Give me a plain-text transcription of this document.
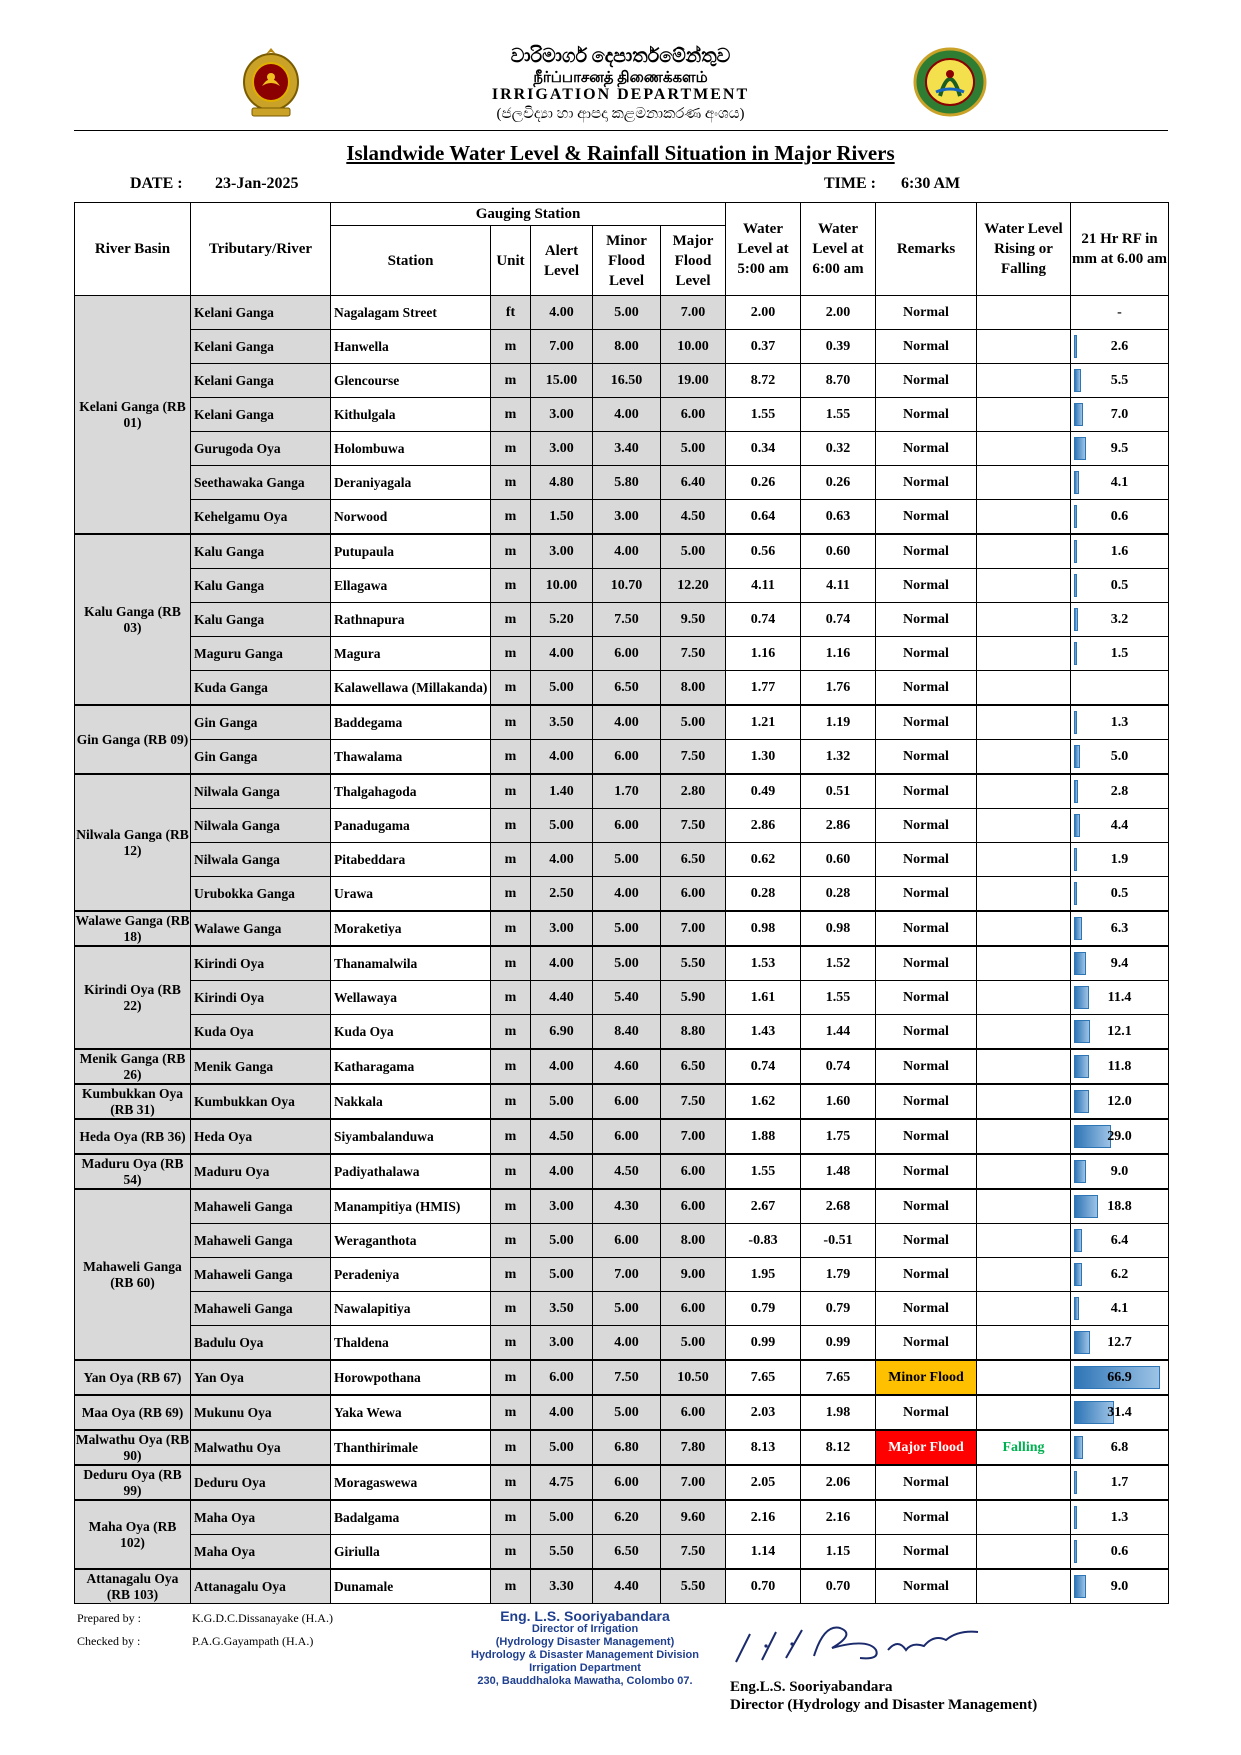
වාරිමාර්ග දෙපාර්තමේන්තුව
நீர்ப்பாசனத் திணைக்களம்
IRRIGATION DEPARTMENT
(ජලවිද්‍යා හා ආපදා කළමනාකරණ අංශය)
Islandwide Water Level & Rainfall Situation in Major Rivers
DATE : 23-Jan-2025	TIME : 6:30 AM
River Basin	Tributary/River	Gauging Station					Water Level at 5:00 am	Water Level at 6:00 am	Remarks	Water Level Rising or Falling	21 Hr RF in mm at 6.00 am
		Station	Unit	Alert Level	Minor Flood Level	Major Flood Level					
Kelani Ganga (RB 01)	Kelani Ganga	Nagalagam Street	ft	4.00	5.00	7.00	2.00	2.00	Normal		-
	Kelani Ganga	Hanwella	m	7.00	8.00	10.00	0.37	0.39	Normal		2.6
	Kelani Ganga	Glencourse	m	15.00	16.50	19.00	8.72	8.70	Normal		5.5
	Kelani Ganga	Kithulgala	m	3.00	4.00	6.00	1.55	1.55	Normal		7.0
	Gurugoda Oya	Holombuwa	m	3.00	3.40	5.00	0.34	0.32	Normal		9.5
	Seethawaka Ganga	Deraniyagala	m	4.80	5.80	6.40	0.26	0.26	Normal		4.1
	Kehelgamu Oya	Norwood	m	1.50	3.00	4.50	0.64	0.63	Normal		0.6
Kalu Ganga (RB 03)	Kalu Ganga	Putupaula	m	3.00	4.00	5.00	0.56	0.60	Normal		1.6
	Kalu Ganga	Ellagawa	m	10.00	10.70	12.20	4.11	4.11	Normal		0.5
	Kalu Ganga	Rathnapura	m	5.20	7.50	9.50	0.74	0.74	Normal		3.2
	Maguru Ganga	Magura	m	4.00	6.00	7.50	1.16	1.16	Normal		1.5
	Kuda Ganga	Kalawellawa (Millakanda)	m	5.00	6.50	8.00	1.77	1.76	Normal		
Gin Ganga (RB 09)	Gin Ganga	Baddegama	m	3.50	4.00	5.00	1.21	1.19	Normal		1.3
	Gin Ganga	Thawalama	m	4.00	6.00	7.50	1.30	1.32	Normal		5.0
Nilwala Ganga (RB 12)	Nilwala Ganga	Thalgahagoda	m	1.40	1.70	2.80	0.49	0.51	Normal		2.8
	Nilwala Ganga	Panadugama	m	5.00	6.00	7.50	2.86	2.86	Normal		4.4
	Nilwala Ganga	Pitabeddara	m	4.00	5.00	6.50	0.62	0.60	Normal		1.9
	Urubokka Ganga	Urawa	m	2.50	4.00	6.00	0.28	0.28	Normal		0.5
Walawe Ganga (RB 18)	Walawe Ganga	Moraketiya	m	3.00	5.00	7.00	0.98	0.98	Normal		6.3
Kirindi Oya (RB 22)	Kirindi Oya	Thanamalwila	m	4.00	5.00	5.50	1.53	1.52	Normal		9.4
	Kirindi Oya	Wellawaya	m	4.40	5.40	5.90	1.61	1.55	Normal		11.4
	Kuda Oya	Kuda Oya	m	6.90	8.40	8.80	1.43	1.44	Normal		12.1
Menik Ganga (RB 26)	Menik Ganga	Katharagama	m	4.00	4.60	6.50	0.74	0.74	Normal		11.8
Kumbukkan Oya (RB 31)	Kumbukkan Oya	Nakkala	m	5.00	6.00	7.50	1.62	1.60	Normal		12.0
Heda Oya (RB 36)	Heda Oya	Siyambalanduwa	m	4.50	6.00	7.00	1.88	1.75	Normal		29.0
Maduru Oya (RB 54)	Maduru Oya	Padiyathalawa	m	4.00	4.50	6.00	1.55	1.48	Normal		9.0
Mahaweli Ganga (RB 60)	Mahaweli Ganga	Manampitiya (HMIS)	m	3.00	4.30	6.00	2.67	2.68	Normal		18.8
	Mahaweli Ganga	Weraganthota	m	5.00	6.00	8.00	-0.83	-0.51	Normal		6.4
	Mahaweli Ganga	Peradeniya	m	5.00	7.00	9.00	1.95	1.79	Normal		6.2
	Mahaweli Ganga	Nawalapitiya	m	3.50	5.00	6.00	0.79	0.79	Normal		4.1
	Badulu Oya	Thaldena	m	3.00	4.00	5.00	0.99	0.99	Normal		12.7
Yan Oya (RB 67)	Yan Oya	Horowpothana	m	6.00	7.50	10.50	7.65	7.65	Minor Flood		66.9
Maa Oya (RB 69)	Mukunu Oya	Yaka Wewa	m	4.00	5.00	6.00	2.03	1.98	Normal		31.4
Malwathu Oya (RB 90)	Malwathu Oya	Thanthirimale	m	5.00	6.80	7.80	8.13	8.12	Major Flood	Falling	6.8
Deduru Oya (RB 99)	Deduru Oya	Moragaswewa	m	4.75	6.00	7.00	2.05	2.06	Normal		1.7
Maha Oya (RB 102)	Maha Oya	Badalgama	m	5.00	6.20	9.60	2.16	2.16	Normal		1.3
	Maha Oya	Giriulla	m	5.50	6.50	7.50	1.14	1.15	Normal		0.6
Attanagalu Oya (RB 103)	Attanagalu Oya	Dunamale	m	3.30	4.40	5.50	0.70	0.70	Normal		9.0
Prepared by :	K.G.D.C.Dissanayake (H.A.)
Checked by :	P.A.G.Gayampath (H.A.)
Eng. L.S. Sooriyabandara
Director of Irrigation
(Hydrology Disaster Management)
Hydrology & Disaster Management Division
Irrigation Department
230, Bauddhaloka Mawatha, Colombo 07.	Eng.L.S. Sooriyabandara
Director (Hydrology and Disaster Management)
